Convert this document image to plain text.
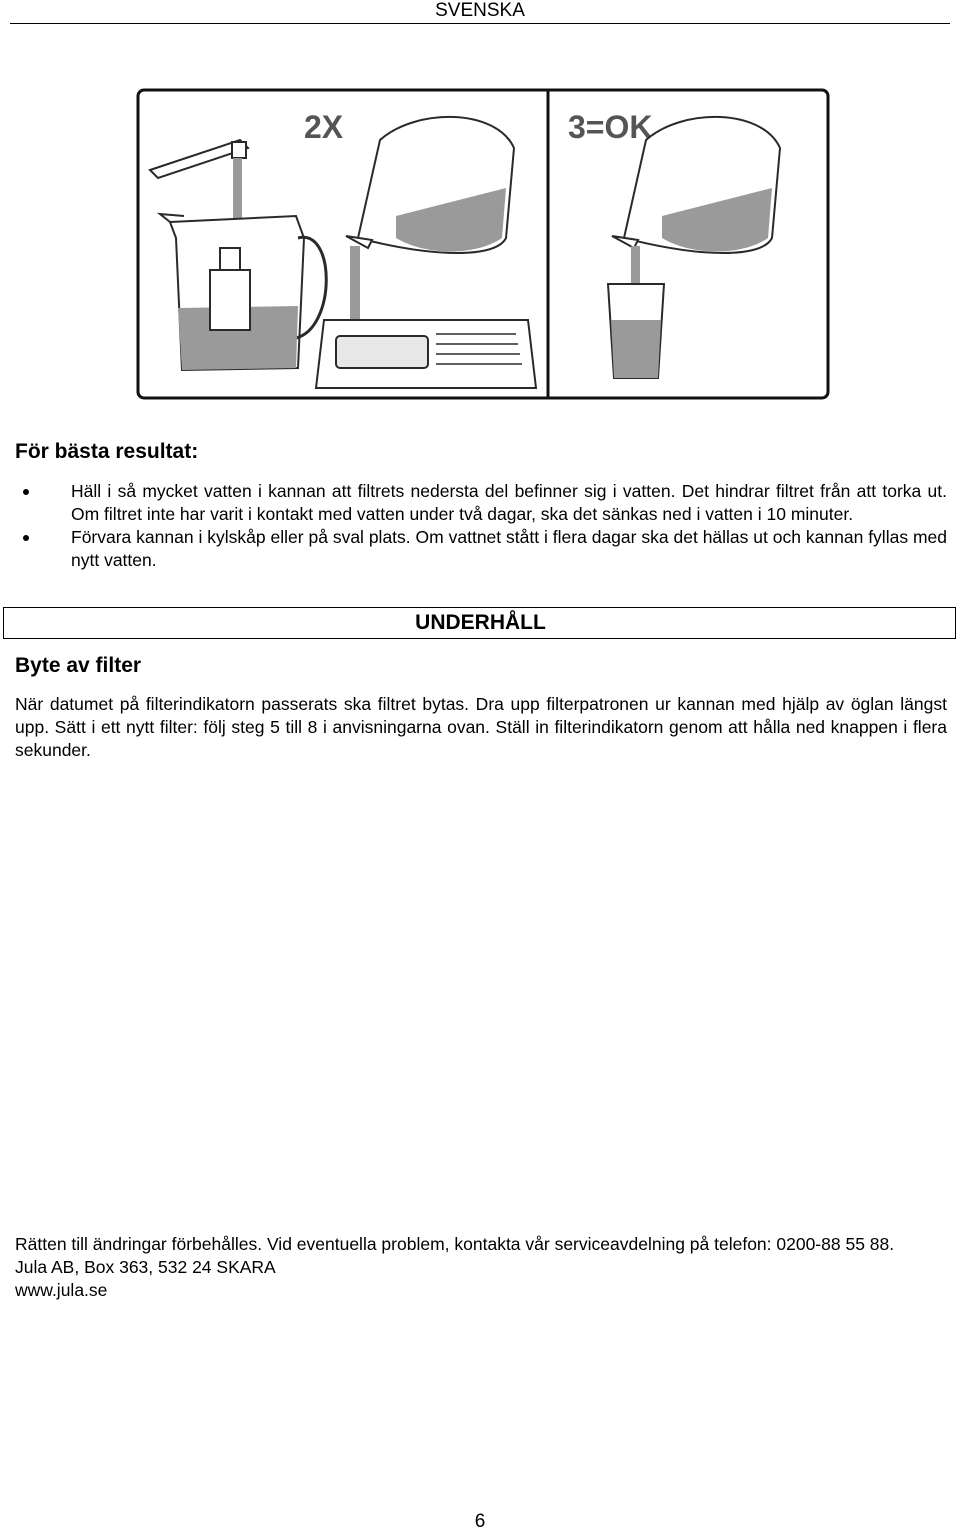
SVENSKA
2X	3=OK
För bästa resultat:
Häll i så mycket vatten i kannan att filtrets nedersta del befinner sig i vatten. Det hindrar filtret från att torka ut. Om filtret inte har varit i kontakt med vatten under två dagar, ska det sänkas ned i vatten i 10 minuter.
Förvara kannan i kylskåp eller på sval plats. Om vattnet stått i flera dagar ska det hällas ut och kannan fyllas med nytt vatten.
UNDERHÅLL
Byte av filter

När datumet på filterindikatorn passerats ska filtret bytas. Dra upp filterpatronen ur kannan med hjälp av öglan längst upp. Sätt i ett nytt filter: följ steg 5 till 8 i anvisningarna ovan. Ställ in filterindikatorn genom att hålla ned knappen i flera sekunder.

Rätten till ändringar förbehålles. Vid eventuella problem, kontakta vår serviceavdelning på telefon: 0200-88 55 88.
Jula AB, Box 363, 532 24 SKARA
www.jula.se
6
